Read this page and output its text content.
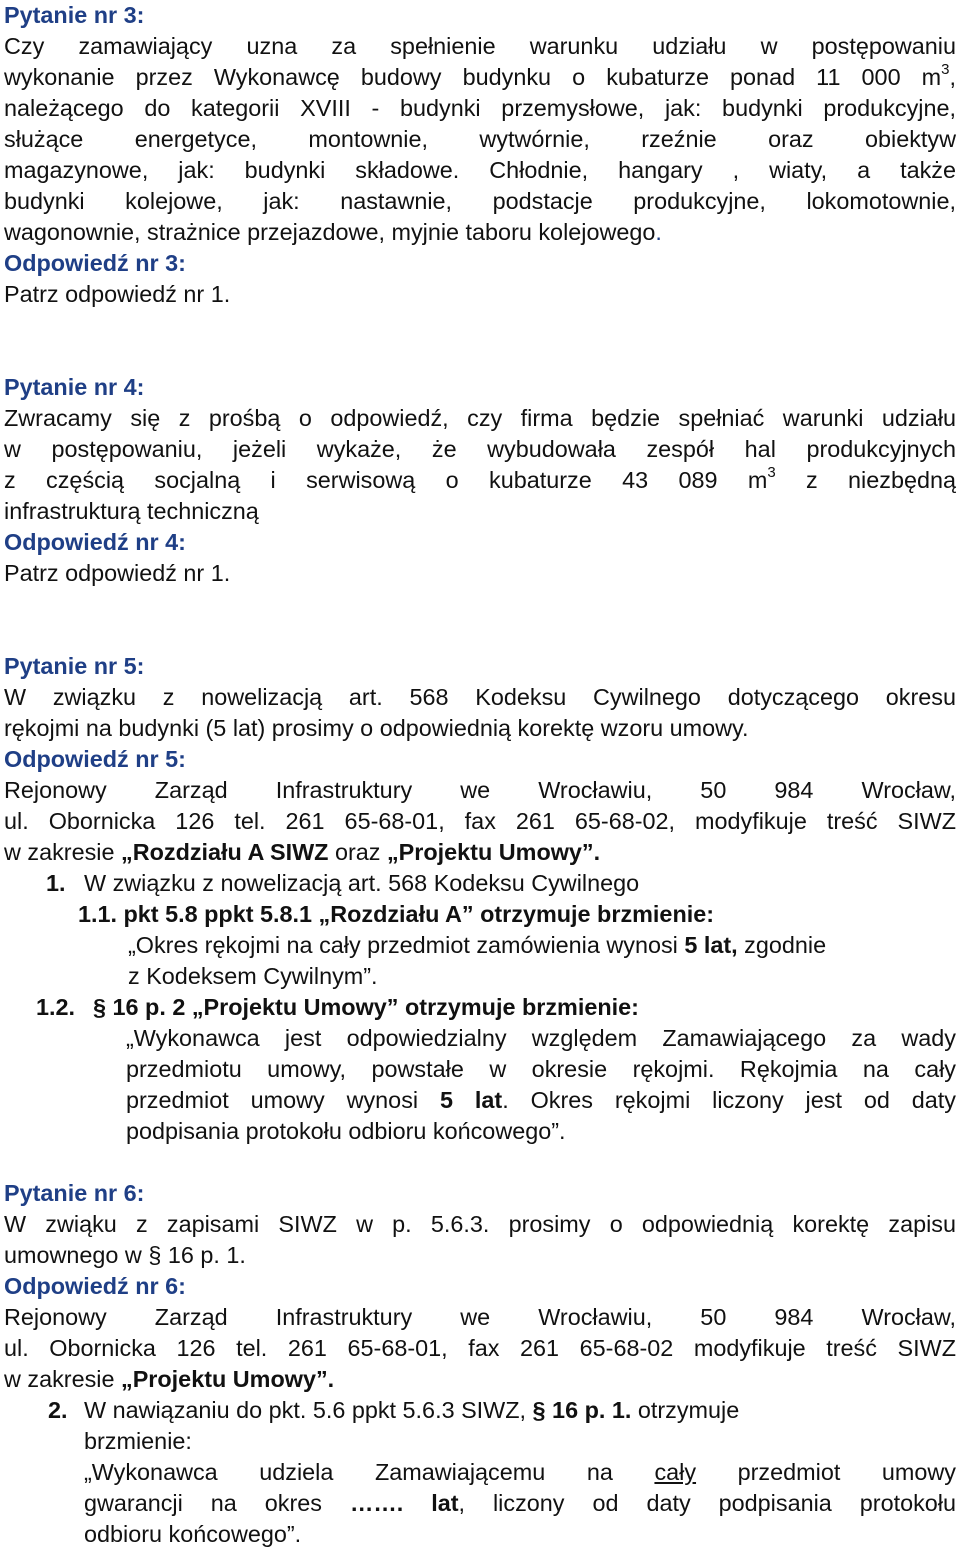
Pytanie nr 3:

Czy zamawiający uzna za spełnienie warunku udziału w postępowaniu

wykonanie przez Wykonawcę budowy budynku o kubaturze ponad 11 000 $m^3$,

należącego do kategorii XVIII - budynki przemysłowe, jak: budynki produkcyjne,

służące energetyce, montownie, wytwórnie, rzeźnie oraz obiektyw

magazynowe, jak: budynki składowe. Chłodnie, hangary , wiaty, a także

budynki kolejowe, jak: nastawnie, podstacje produkcyjne, lokomotownie,

wagonownie, strażnice przejazdowe, myjnie taboru kolejowego.

Odpowiedź nr 3:

Patrz odpowiedź nr 1.

Pytanie nr 4:

Zwracamy się z prośbą o odpowiedź, czy firma będzie spełniać warunki udziału

w postępowaniu, jeżeli wykaże, że wybudowała zespół hal produkcyjnych

z częścią socjalną i serwisową o kubaturze 43 089 $m^3$ z niezbędną

infrastrukturą techniczną

Odpowiedź nr 4:

Patrz odpowiedź nr 1.

Pytanie nr 5:

W związku z nowelizacją art. 568 Kodeksu Cywilnego dotyczącego okresu

rękojmi na budynki (5 lat) prosimy o odpowiednią korektę wzoru umowy.

Odpowiedź nr 5:

Rejonowy Zarząd Infrastruktury we Wrocławiu, 50 984 Wrocław,

ul. Obornicka 126 tel. 261 65-68-01, fax 261 65-68-02, modyfikuje treść SIWZ

w zakresie „Rozdziału A SIWZ oraz „Projektu Umowy”.

1. W związku z nowelizacją art. 568 Kodeksu Cywilnego

1.1. pkt 5.8 ppkt 5.8.1 „Rozdziału A” otrzymuje brzmienie:

„Okres rękojmi na cały przedmiot zamówienia wynosi 5 lat, zgodnie

z Kodeksem Cywilnym”.

1.2. § 16 p. 2 „Projektu Umowy” otrzymuje brzmienie:

„Wykonawca jest odpowiedzialny względem Zamawiającego za wady

przedmiotu umowy, powstałe w okresie rękojmi. Rękojmia na cały

przedmiot umowy wynosi 5 lat. Okres rękojmi liczony jest od daty

podpisania protokołu odbioru końcowego”.

Pytanie nr 6:

W zwiąku z zapisami SIWZ w p. 5.6.3. prosimy o odpowiednią korektę zapisu

umownego w § 16 p. 1.

Odpowiedź nr 6:

Rejonowy Zarząd Infrastruktury we Wrocławiu, 50 984 Wrocław,

ul. Obornicka 126 tel. 261 65-68-01, fax 261 65-68-02 modyfikuje treść SIWZ

w zakresie „Projektu Umowy”.

2. W nawiązaniu do pkt. 5.6 ppkt 5.6.3 SIWZ, § 16 p. 1. otrzymuje

brzmienie:

„Wykonawca udziela Zamawiającemu na cały przedmiot umowy

gwarancji na okres ……. lat, liczony od daty podpisania protokołu

odbioru końcowego”.
